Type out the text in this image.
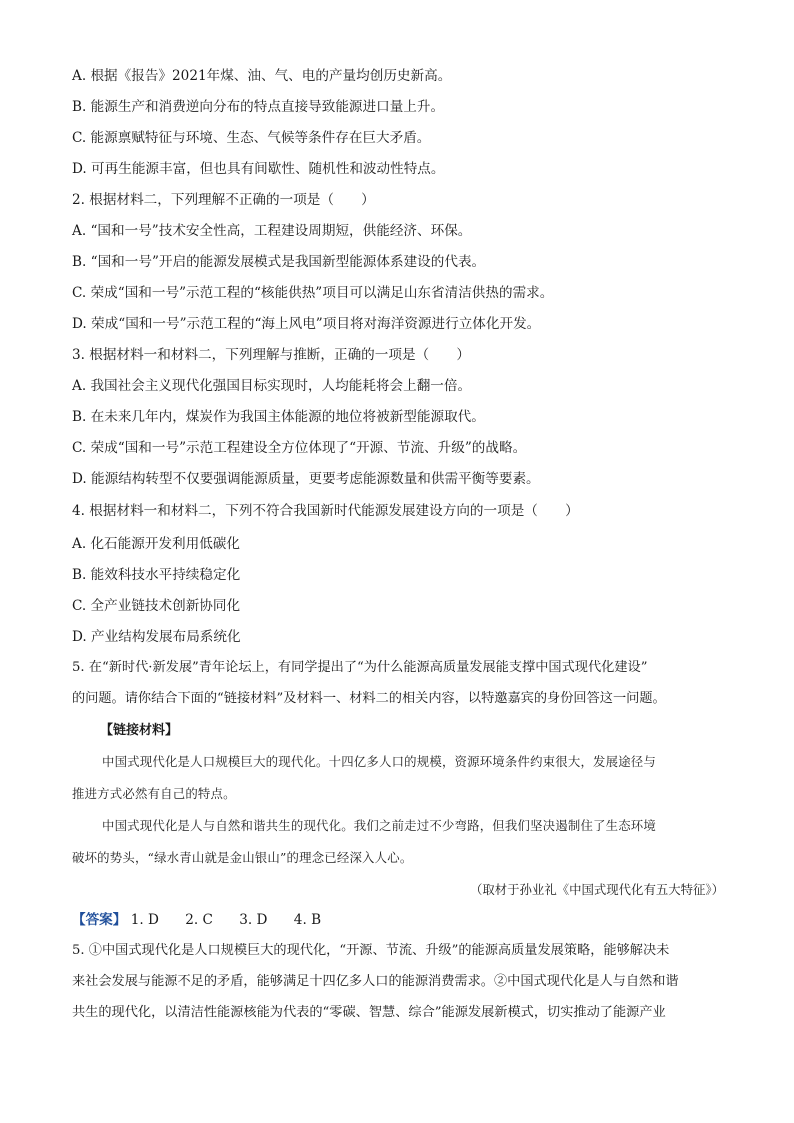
A. 根据《报告》2021年煤、油、气、电的产量均创历史新高。
B. 能源生产和消费逆向分布的特点直接导致能源进口量上升。
C. 能源禀赋特征与环境、生态、气候等条件存在巨大矛盾。
D. 可再生能源丰富，但也具有间歇性、随机性和波动性特点。
2. 根据材料二，下列理解不正确的一项是（　　）
A. “国和一号”技术安全性高，工程建设周期短，供能经济、环保。
B. “国和一号”开启的能源发展模式是我国新型能源体系建设的代表。
C. 荣成“国和一号”示范工程的“核能供热”项目可以满足山东省清洁供热的需求。
D. 荣成“国和一号”示范工程的“海上风电”项目将对海洋资源进行立体化开发。
3. 根据材料一和材料二，下列理解与推断，正确的一项是（　　）
A. 我国社会主义现代化强国目标实现时，人均能耗将会上翻一倍。
B. 在未来几年内，煤炭作为我国主体能源的地位将被新型能源取代。
C. 荣成“国和一号”示范工程建设全方位体现了“开源、节流、升级”的战略。
D. 能源结构转型不仅要强调能源质量，更要考虑能源数量和供需平衡等要素。
4. 根据材料一和材料二，下列不符合我国新时代能源发展建设方向的一项是（　　）
A. 化石能源开发利用低碳化
B. 能效科技水平持续稳定化
C. 全产业链技术创新协同化
D. 产业结构发展布局系统化
5. 在“新时代·新发展”青年论坛上，有同学提出了“为什么能源高质量发展能支撑中国式现代化建设”
的问题。请你结合下面的“链接材料”及材料一、材料二的相关内容，以特邀嘉宾的身份回答这一问题。
【链接材料】
中国式现代化是人口规模巨大的现代化。十四亿多人口的规模，资源环境条件约束很大，发展途径与
推进方式必然有自己的特点。
中国式现代化是人与自然和谐共生的现代化。我们之前走过不少弯路，但我们坚决遏制住了生态环境
破坏的势头，“绿水青山就是金山银山”的理念已经深入人心。
（取材于孙业礼《中国式现代化有五大特征》）
【答案】 1. D 2. C 3. D 4. B
5. ①中国式现代化是人口规模巨大的现代化，“开源、节流、升级”的能源高质量发展策略，能够解决未
来社会发展与能源不足的矛盾，能够满足十四亿多人口的能源消费需求。②中国式现代化是人与自然和谐
共生的现代化，以清洁性能源核能为代表的“零碳、智慧、综合”能源发展新模式，切实推动了能源产业
